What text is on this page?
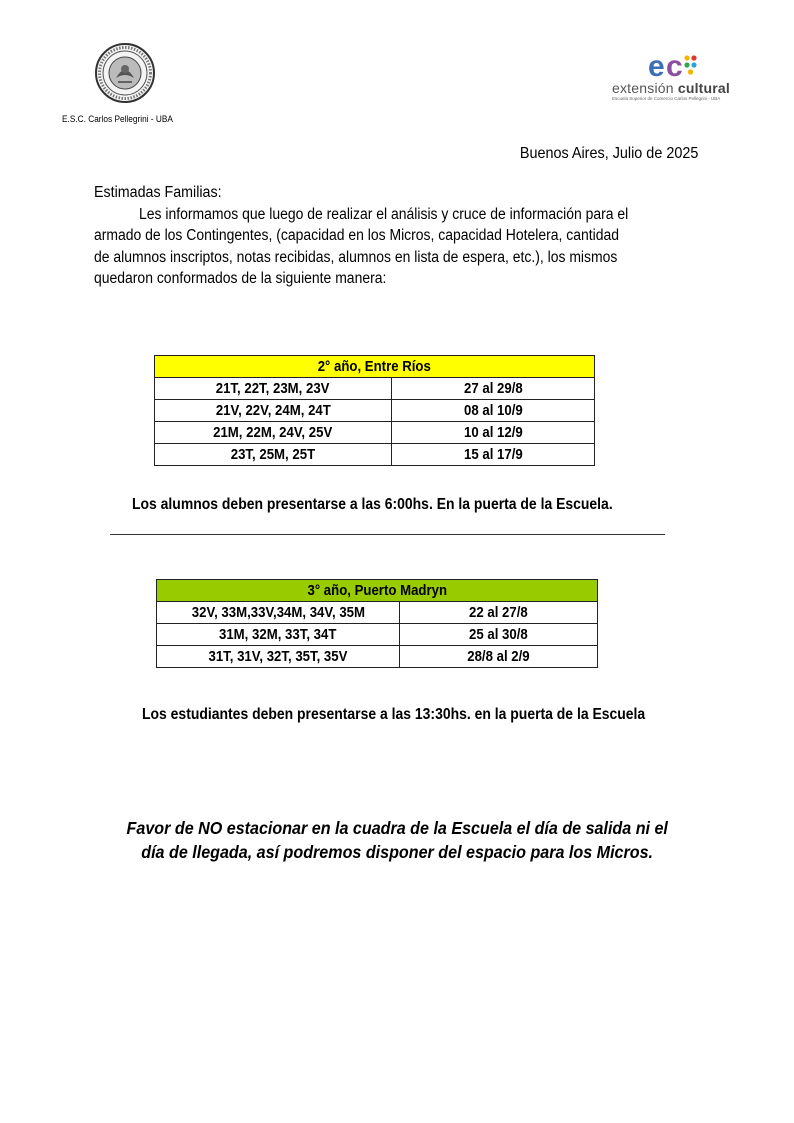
E.S.C. Carlos Pellegrini - UBA
e c
extensión cultural
Escuela Superior de Comercio Carlos Pellegrini - UBA
Buenos Aires, Julio de 2025
Estimadas Familias:
Les informamos que luego de realizar el análisis y cruce de información para el
armado de los Contingentes, (capacidad en los Micros, capacidad Hotelera, cantidad
de alumnos inscriptos, notas recibidas, alumnos en lista de espera, etc.), los mismos
quedaron conformados de la siguiente manera:
2° año, Entre Ríos	
21T, 22T, 23M, 23V	27 al 29/8
21V, 22V, 24M, 24T	08 al 10/9
21M, 22M, 24V, 25V	10 al 12/9
23T, 25M, 25T	15 al 17/9
Los alumnos deben presentarse a las 6:00hs. En la puerta de la Escuela.
3° año, Puerto Madryn	
32V, 33M,33V,34M, 34V, 35M	22 al 27/8
31M, 32M, 33T, 34T	25 al 30/8
31T, 31V, 32T, 35T, 35V	28/8 al 2/9
Los estudiantes deben presentarse a las 13:30hs. en la puerta de la Escuela
Favor de NO estacionar en la cuadra de la Escuela el día de salida ni el
día de llegada, así podremos disponer del espacio para los Micros.
